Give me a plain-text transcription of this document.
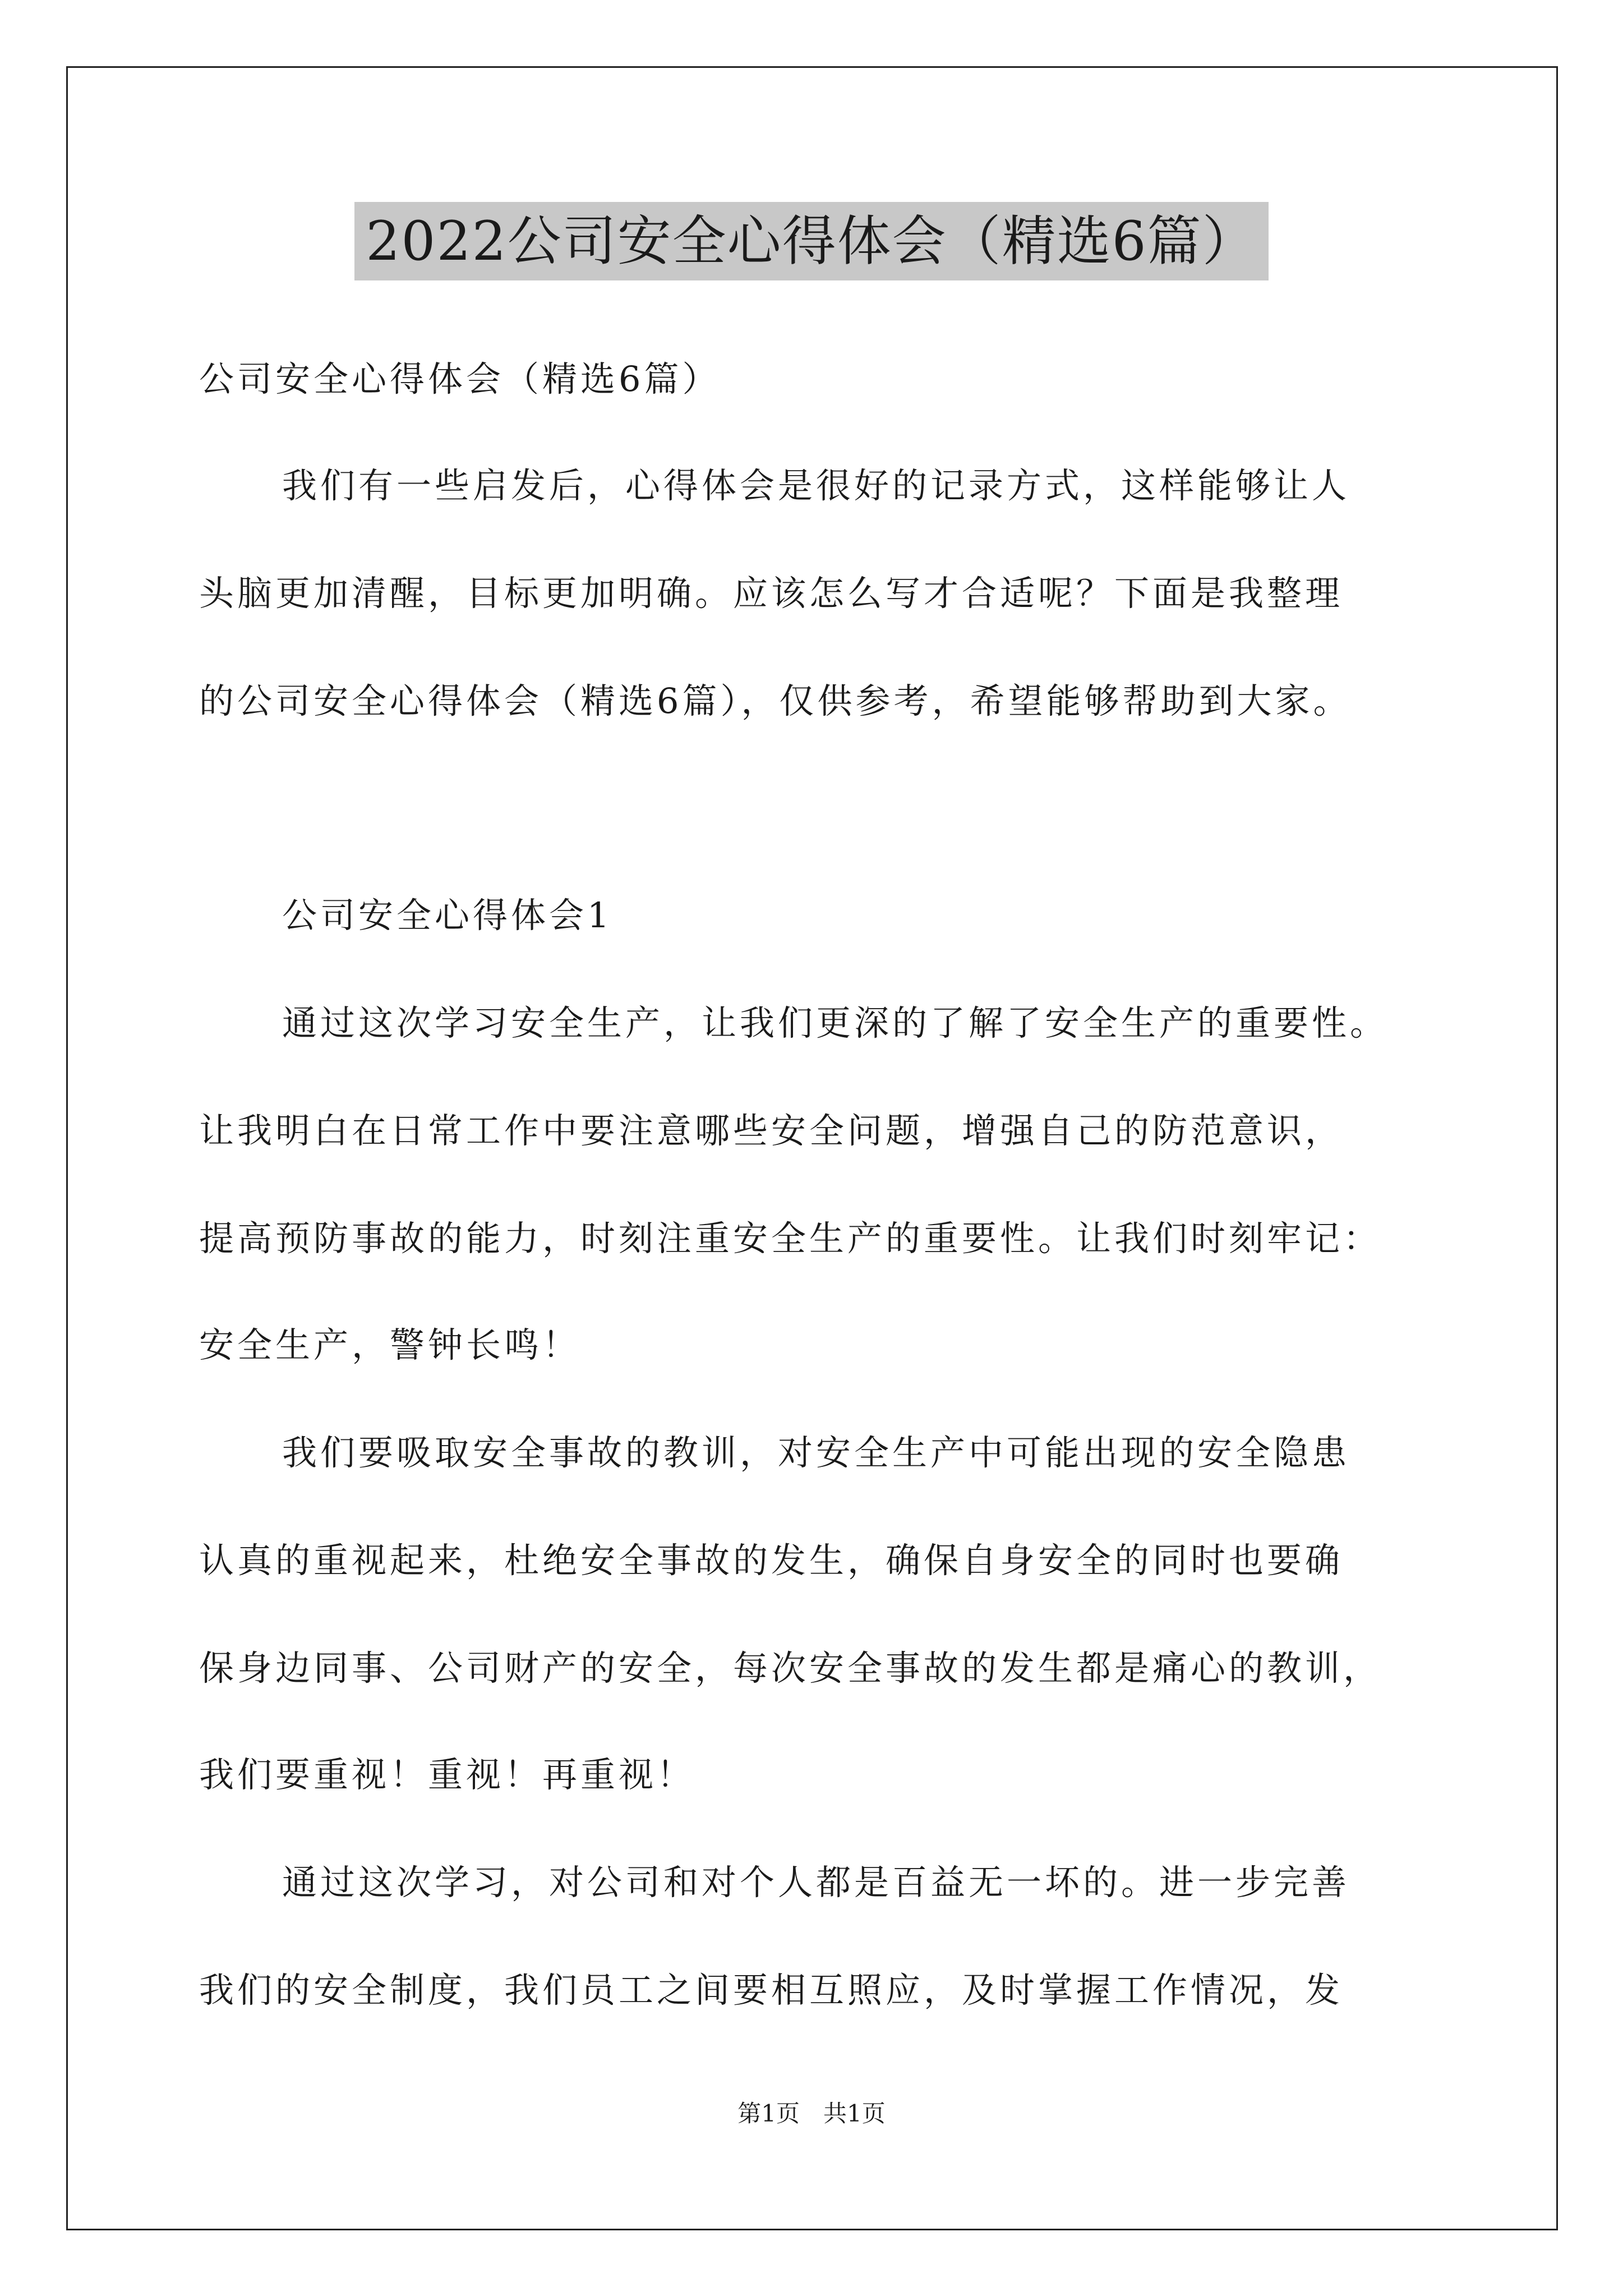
2022公司安全心得体会（精选6篇）
公司安全心得体会（精选6篇）
我们有一些启发后，心得体会是很好的记录方式，这样能够让人
头脑更加清醒，目标更加明确。应该怎么写才合适呢？下面是我整理
的公司安全心得体会（精选6篇），仅供参考，希望能够帮助到大家。
公司安全心得体会1
通过这次学习安全生产，让我们更深的了解了安全生产的重要性。
让我明白在日常工作中要注意哪些安全问题，增强自己的防范意识，
提高预防事故的能力，时刻注重安全生产的重要性。让我们时刻牢记：
安全生产，警钟长鸣！
我们要吸取安全事故的教训，对安全生产中可能出现的安全隐患
认真的重视起来，杜绝安全事故的发生，确保自身安全的同时也要确
保身边同事、公司财产的安全，每次安全事故的发生都是痛心的教训，
我们要重视！重视！再重视！
通过这次学习，对公司和对个人都是百益无一坏的。进一步完善
我们的安全制度，我们员工之间要相互照应，及时掌握工作情况，发
第1页　共1页
